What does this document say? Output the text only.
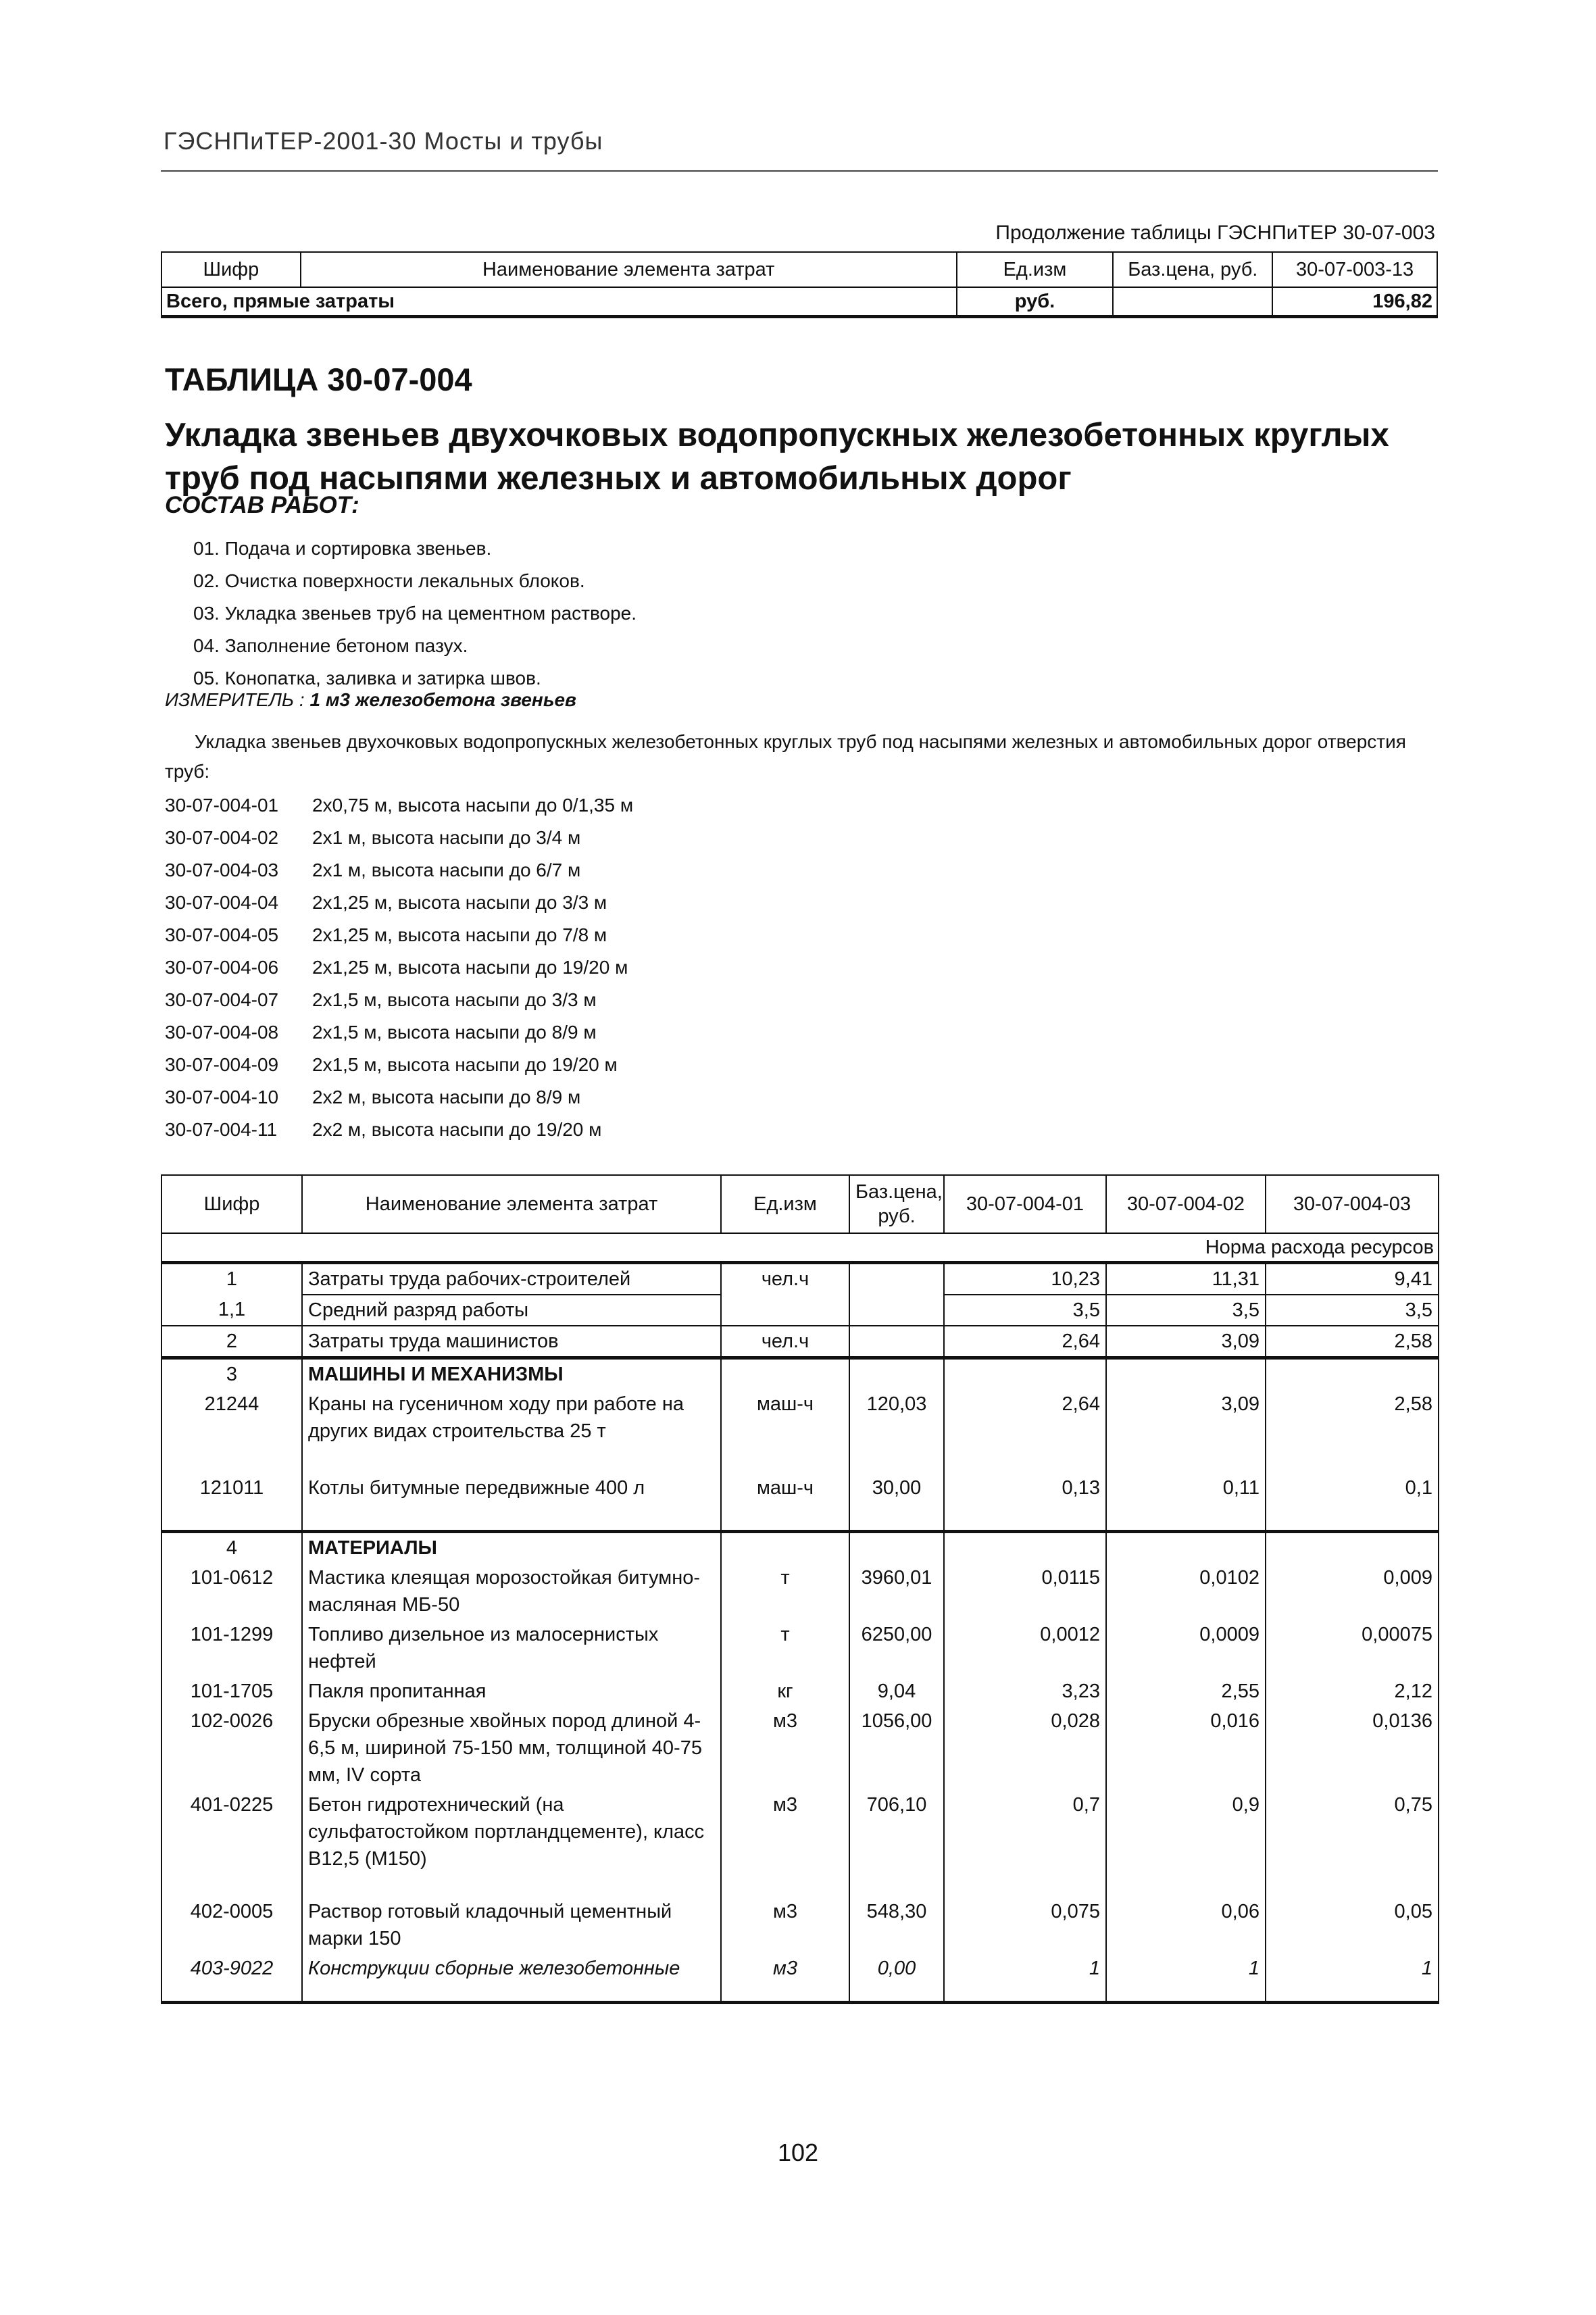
ГЭСНПиТЕР-2001-30 Мосты и трубы
Продолжение таблицы ГЭСНПиТЕР 30-07-003
Шифр	Наименование элемента затрат	Ед.изм	Баз.цена, руб.	30-07-003-13
Всего, прямые затраты		руб.		196,82
ТАБЛИЦА 30-07-004
Укладка звеньев двухочковых водопропускных железобетонных круглых труб под насыпями железных и автомобильных дорог
СОСТАВ РАБОТ:
01. Подача и сортировка звеньев.
02. Очистка поверхности лекальных блоков.
03. Укладка звеньев труб на цементном растворе.
04. Заполнение бетоном пазух.
05. Конопатка, заливка и затирка швов.
ИЗМЕРИТЕЛЬ : 1 м3 железобетона звеньев
Укладка звеньев двухочковых водопропускных железобетонных круглых труб под насыпями железных и автомобильных дорог отверстия труб:
30-07-004-01 2х0,75 м, высота насыпи до 0/1,35 м
30-07-004-02 2х1 м, высота насыпи до 3/4 м
30-07-004-03 2х1 м, высота насыпи до 6/7 м
30-07-004-04 2х1,25 м, высота насыпи до 3/3 м
30-07-004-05 2х1,25 м, высота насыпи до 7/8 м
30-07-004-06 2х1,25 м, высота насыпи до 19/20 м
30-07-004-07 2х1,5 м, высота насыпи до 3/3 м
30-07-004-08 2х1,5 м, высота насыпи до 8/9 м
30-07-004-09 2х1,5 м, высота насыпи до 19/20 м
30-07-004-10 2х2 м, высота насыпи до 8/9 м
30-07-004-11 2х2 м, высота насыпи до 19/20 м
Шифр	Наименование элемента затрат	Ед.изм	Баз.цена, руб.	30-07-004-01	30-07-004-02	30-07-004-03
Норма расхода ресурсов						
1	Затраты труда рабочих-строителей	чел.ч		10,23	11,31	9,41
1,1	Средний разряд работы			3,5	3,5	3,5
2	Затраты труда машинистов	чел.ч		2,64	3,09	2,58
3	МАШИНЫ И МЕХАНИЗМЫ					
21244	Краны на гусеничном ходу при работе на других видах строительства 25 т	маш-ч	120,03	2,64	3,09	2,58
121011	Котлы битумные передвижные 400 л	маш-ч	30,00	0,13	0,11	0,1
4	МАТЕРИАЛЫ					
101-0612	Мастика клеящая морозостойкая битумно-масляная МБ-50	т	3960,01	0,0115	0,0102	0,009
101-1299	Топливо дизельное из малосернистых нефтей	т	6250,00	0,0012	0,0009	0,00075
101-1705	Пакля пропитанная	кг	9,04	3,23	2,55	2,12
102-0026	Бруски обрезные хвойных пород длиной 4-6,5 м, шириной 75-150 мм, толщиной 40-75 мм, IV сорта	м3	1056,00	0,028	0,016	0,0136
401-0225	Бетон гидротехнический (на сульфатостойком портландцементе), класс В12,5 (М150)	м3	706,10	0,7	0,9	0,75
402-0005	Раствор готовый кладочный цементный марки 150	м3	548,30	0,075	0,06	0,05
403-9022	Конструкции сборные железобетонные	м3	0,00	1	1	1
102
